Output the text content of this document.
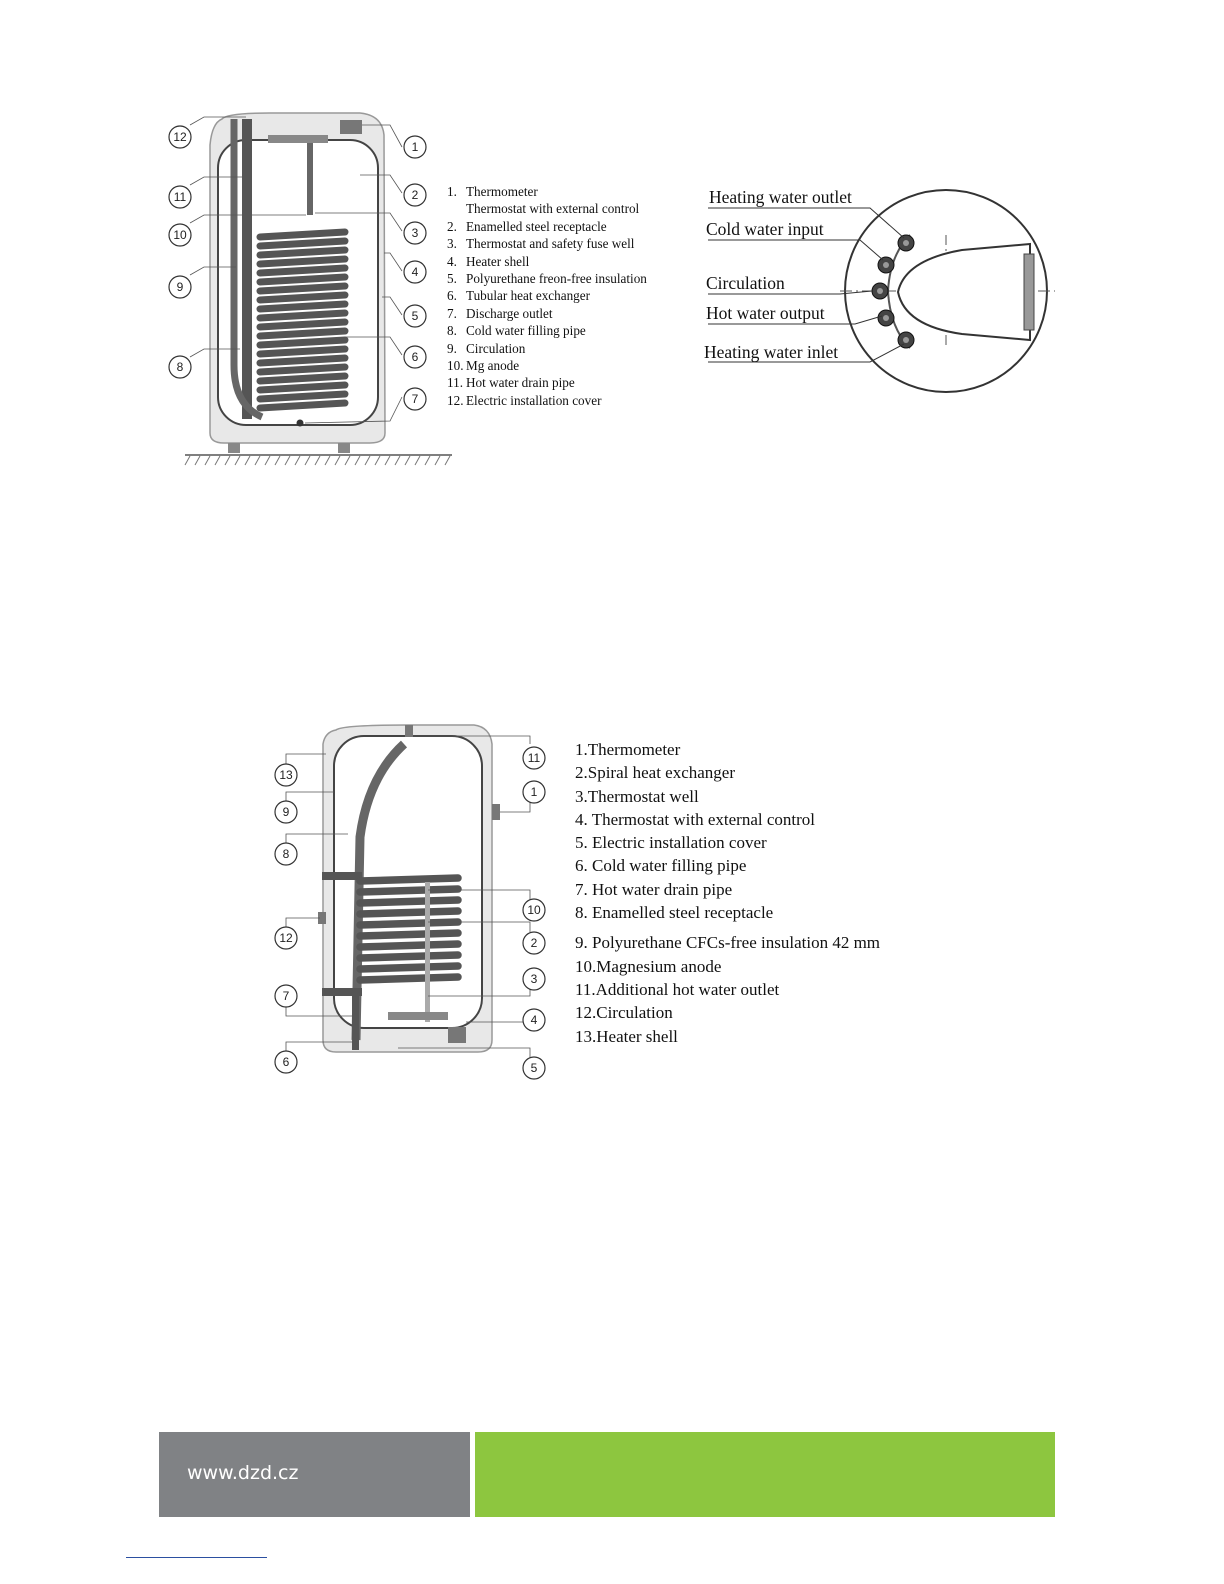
12
11
10
9
8
1
2
3
4
5
6
7
1. Thermometer
Thermostat with external control
2. Enamelled steel receptacle
3. Thermostat and safety fuse well
4. Heater shell
5. Polyurethane freon-free insulation
6. Tubular heat exchanger
7. Discharge outlet
8. Cold water filling pipe
9. Circulation
10. Mg anode
11. Hot water drain pipe
12. Electric installation cover
Heating water outlet
Cold water input
Circulation
Hot water output
Heating water inlet
13
9
8
12
7
6
11
1
10
2
3
4
5
1.Thermometer
2.Spiral heat exchanger
3.Thermostat well
4. Thermostat with external control
5. Electric installation cover
6. Cold water filling pipe
7. Hot water drain pipe
8. Enamelled steel receptacle
9. Polyurethane CFCs-free insulation 42 mm
10.Magnesium anode
11.Additional hot water outlet
12.Circulation
13.Heater shell
www.dzd.cz
